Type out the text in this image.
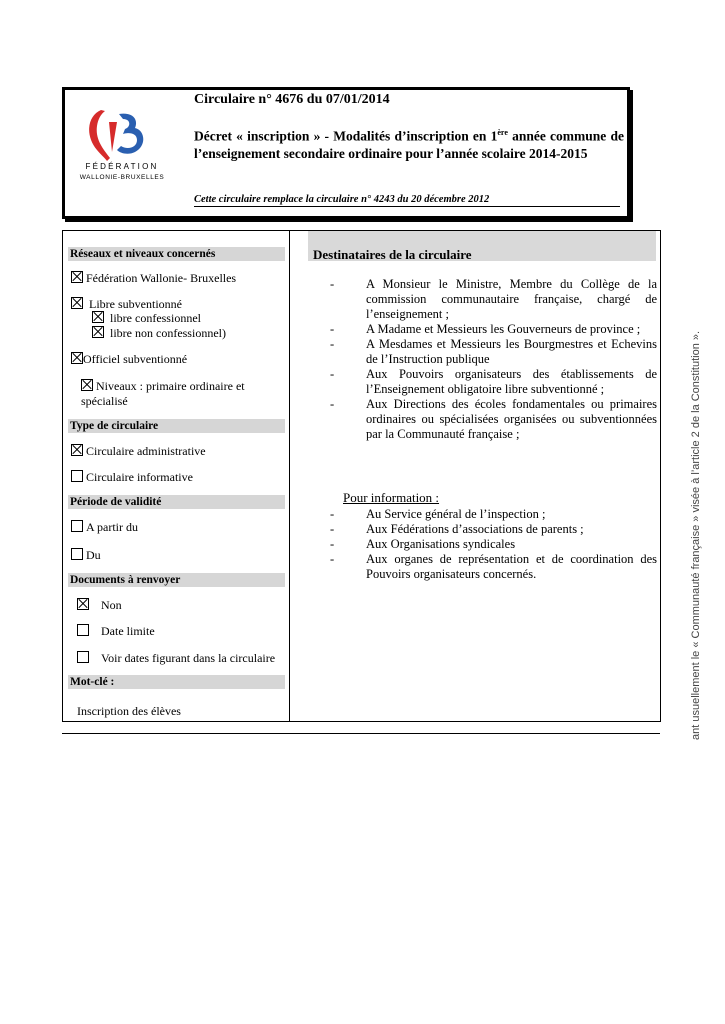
FÉDÉRATION
WALLONIE-BRUXELLES
Circulaire n° 4676 du 07/01/2014
Décret « inscription » - Modalités d’inscription en 1ère année commune de l’enseignement secondaire ordinaire pour l’année scolaire 2014-2015
Cette circulaire remplace la circulaire n° 4243 du 20 décembre 2012
Réseaux et niveaux concernés
Fédération Wallonie- Bruxelles
Libre subventionné
libre confessionnel
libre non confessionnel)
Officiel subventionné
Niveaux : primaire ordinaire et
spécialisé
Type de circulaire
Circulaire administrative
Circulaire informative
Période de validité
A partir du
Du
Documents à renvoyer
Non
Date limite
Voir dates figurant dans la circulaire
Mot-clé :
Inscription des élèves
Destinataires de la circulaire
-	A Monsieur le Ministre, Membre du Collège de la commission communautaire française, chargé de l’enseignement ;
-	A Madame et Messieurs les Gouverneurs de province ;
-	A Mesdames et Messieurs les Bourgmestres et Echevins de l’Instruction publique
-	Aux Pouvoirs organisateurs des établissements de l’Enseignement obligatoire libre subventionné ;
-	Aux Directions des écoles fondamentales ou primaires ordinaires ou spécialisées organisées ou subventionnées par la Communauté française ;
Pour information :
-	Au Service général de l’inspection ;
-	Aux Fédérations d’associations de parents ;
-	Aux Organisations syndicales
-	Aux organes de représentation et de coordination des Pouvoirs organisateurs concernés.	ant usuellement le « Communauté française » visée à l’article 2 de la Constitution ».
